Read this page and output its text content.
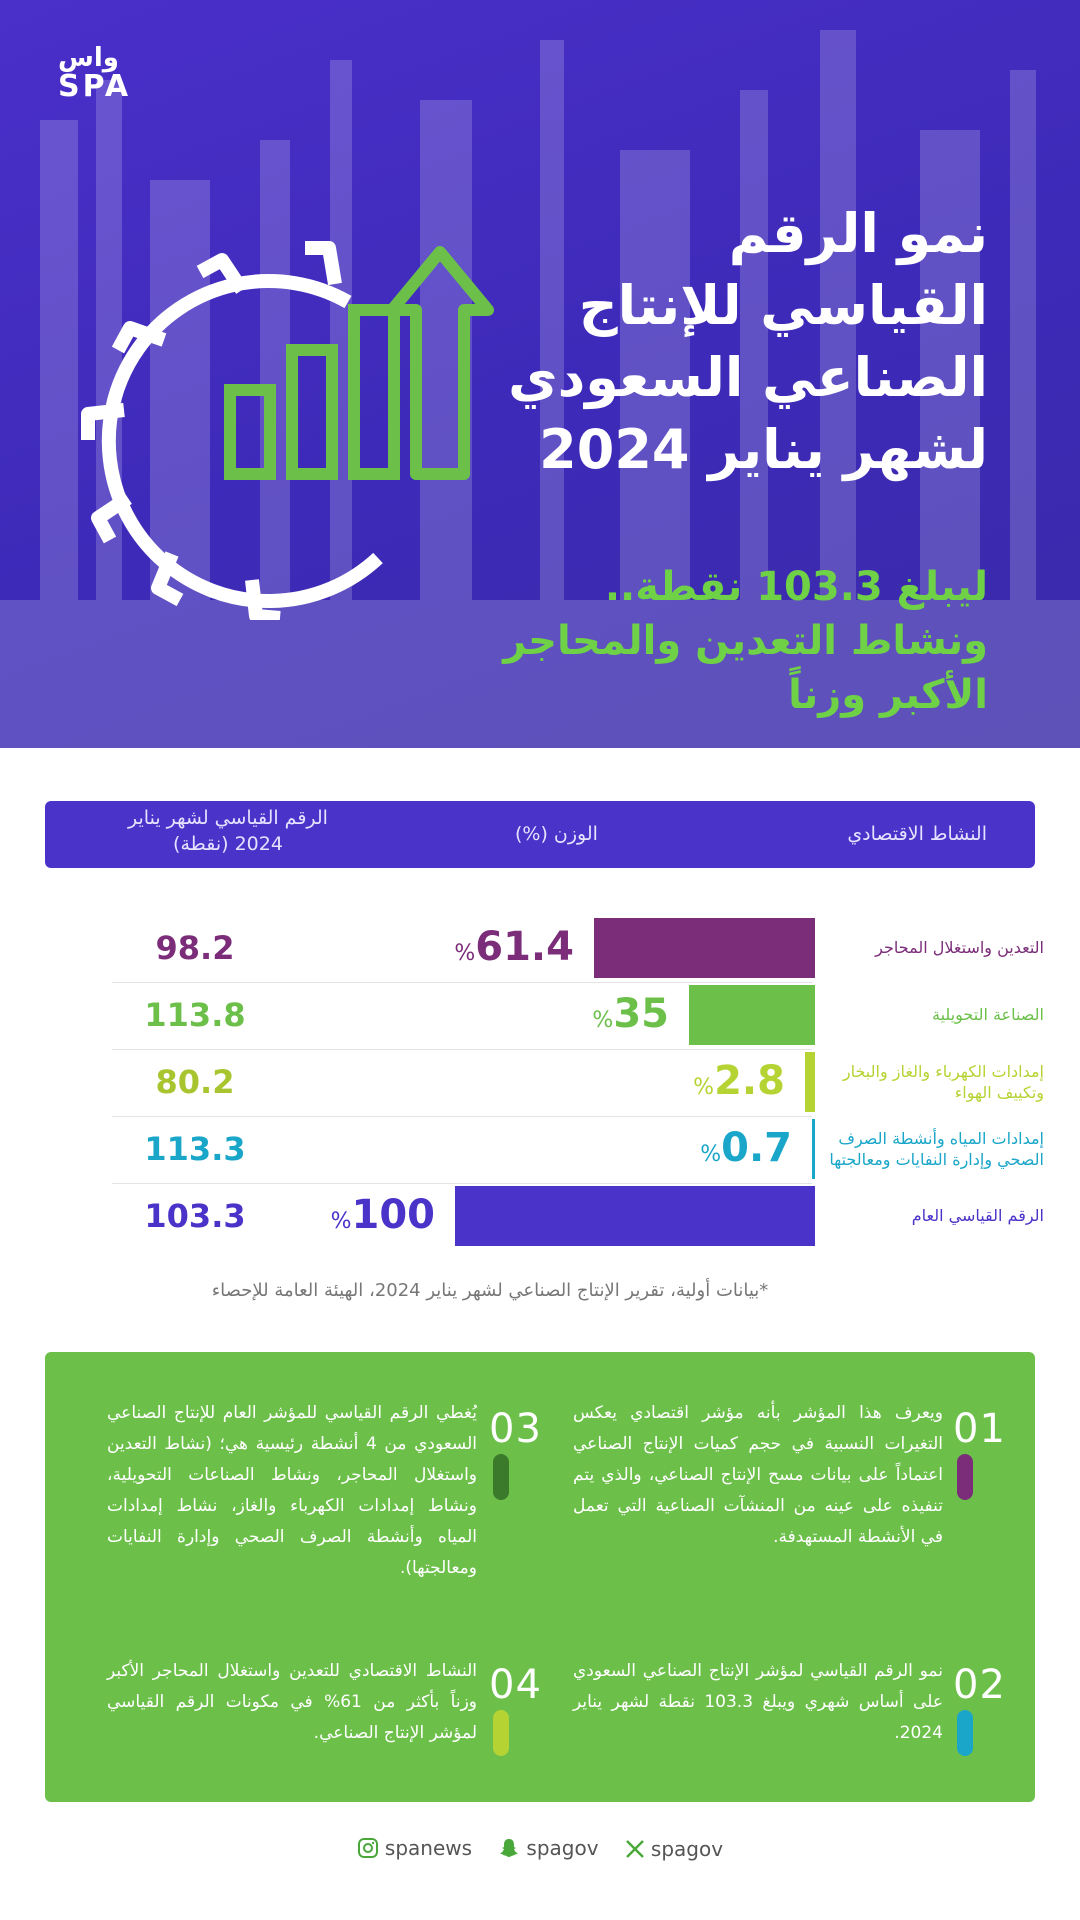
واس
SPA
نمو الرقم القياسي للإنتاج الصناعي السعودي لشهر يناير 2024
ليبلغ 103.3 نقطة.. ونشاط التعدين والمحاجر الأكبر وزناً
النشاط الاقتصادي
الوزن (%)
الرقم القياسي لشهر يناير 2024 (نقطة)
التعدين واستغلال المحاجر
%61.4
98.2
الصناعة التحويلية
%35
113.8
إمدادات الكهرباء والغاز والبخار وتكييف الهواء
%2.8
80.2
إمدادات المياه وأنشطة الصرف الصحي وإدارة النفايات ومعالجتها
%0.7
113.3
الرقم القياسي العام
%100
103.3

*بيانات أولية، تقرير الإنتاج الصناعي لشهر يناير 2024، الهيئة العامة للإحصاء

01

ويعرف هذا المؤشر بأنه مؤشر اقتصادي يعكس التغيرات النسبية في حجم كميات الإنتاج الصناعي اعتماداً على بيانات مسح الإنتاج الصناعي، والذي يتم تنفيذه على عينه من المنشآت الصناعية التي تعمل في الأنشطة المستهدفة.

03

يُغطي الرقم القياسي للمؤشر العام للإنتاج الصناعي السعودي من 4 أنشطة رئيسية هي؛ (نشاط التعدين واستغلال المحاجر، ونشاط الصناعات التحويلية، ونشاط إمدادات الكهرباء والغاز، نشاط إمدادات المياه وأنشطة الصرف الصحي وإدارة النفايات ومعالجتها).

02

نمو الرقم القياسي لمؤشر الإنتاج الصناعي السعودي على أساس شهري ويبلغ 103.3 نقطة لشهر يناير 2024.

04

النشاط الاقتصادي للتعدين واستغلال المحاجر الأكبر وزناً بأكثر من 61% في مكونات الرقم القياسي لمؤشر الإنتاج الصناعي.

spanews
	spagov
	spagov
